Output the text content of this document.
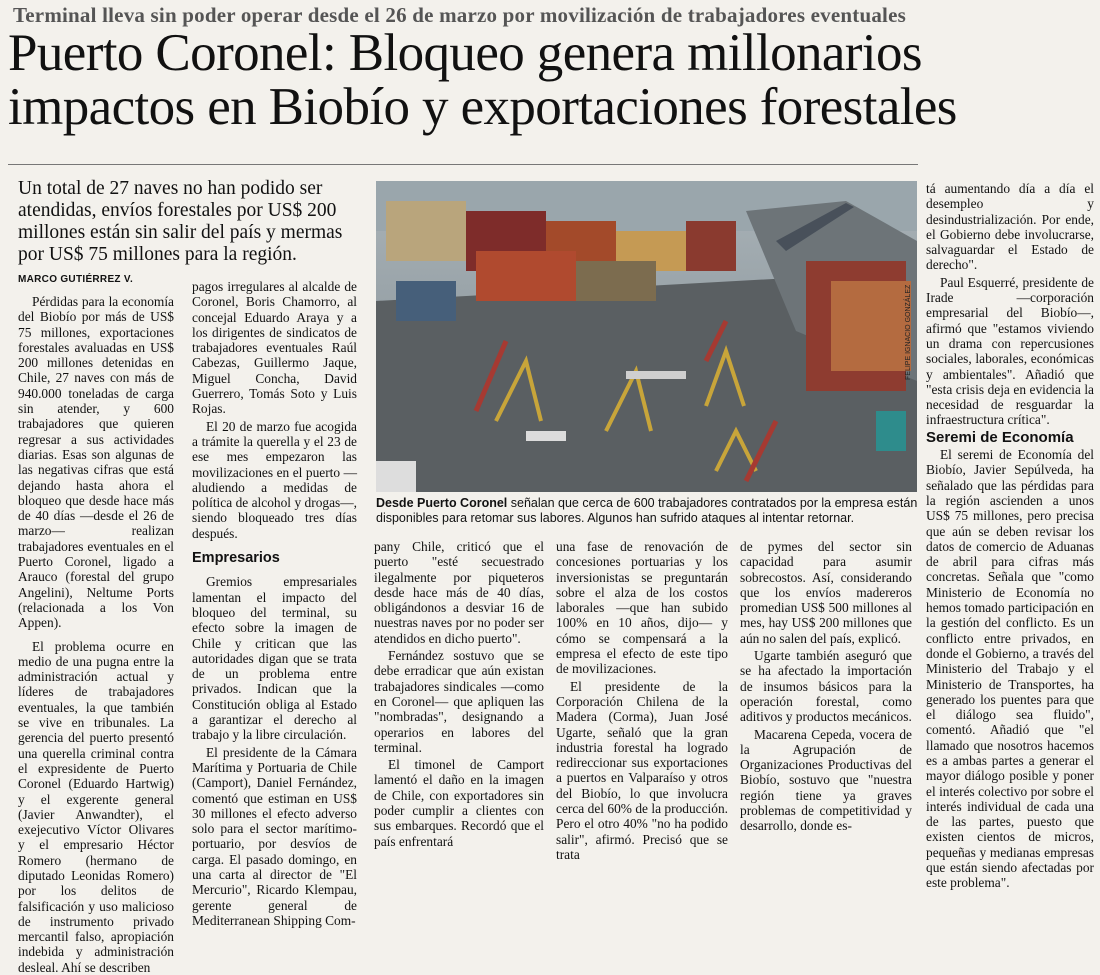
Terminal lleva sin poder operar desde el 26 de marzo por movilización de trabajadores eventuales
Puerto Coronel: Bloqueo genera millonarios
impactos en Biobío y exportaciones forestales
Un total de 27 naves no han podido ser atendidas, envíos forestales por US$ 200 millones están sin salir del país y mermas por US$ 75 millones para la región.
MARCO GUTIÉRREZ V.
FELIPE IGNACIO GONZÁLEZ
Desde Puerto Coronel señalan que cerca de 600 trabajadores contratados por la empresa están disponibles para retomar sus labores. Algunos han sufrido ataques al intentar retornar.

Pérdidas para la economía del Biobío por más de US$ 75 millones, exportaciones forestales avaluadas en US$ 200 millones detenidas en Chile, 27 naves con más de 940.000 toneladas de carga sin atender, y 600 trabajadores que quieren regresar a sus actividades diarias. Esas son algunas de las negativas cifras que está dejando hasta ahora el bloqueo que desde hace más de 40 días —desde el 26 de marzo— realizan trabajadores eventuales en el Puerto Coronel, ligado a Arauco (forestal del grupo Angelini), Neltume Ports (relacionada a los Von Appen).

El problema ocurre en medio de una pugna entre la administración actual y líderes de trabajadores eventuales, la que también se vive en tribunales. La gerencia del puerto presentó una querella criminal contra el expresidente de Puerto Coronel (Eduardo Hartwig) y el exgerente general (Javier Anwandter), el exejecutivo Víctor Olivares y el empresario Héctor Romero (hermano de diputado Leonidas Romero) por los delitos de falsificación y uso malicioso de instrumento privado mercantil falso, apropiación indebida y administración desleal. Ahí se describen

pagos irregulares al alcalde de Coronel, Boris Chamorro, al concejal Eduardo Araya y a los dirigentes de sindicatos de trabajadores eventuales Raúl Cabezas, Guillermo Jaque, Miguel Concha, David Guerrero, Tomás Soto y Luis Rojas.

El 20 de marzo fue acogida a trámite la querella y el 23 de ese mes empezaron las movilizaciones en el puerto —aludiendo a medidas de política de alcohol y drogas—, siendo bloqueado tres días después.

Empresarios

Gremios empresariales lamentan el impacto del bloqueo del terminal, su efecto sobre la imagen de Chile y critican que las autoridades digan que se trata de un problema entre privados. Indican que la Constitución obliga al Estado a garantizar el derecho al trabajo y la libre circulación.

El presidente de la Cámara Marítima y Portuaria de Chile (Camport), Daniel Fernández, comentó que estiman en US$ 30 millones el efecto adverso solo para el sector marítimo-portuario, por desvíos de carga. El pasado domingo, en una carta al director de "El Mercurio", Ricardo Klempau, gerente general de Mediterranean Shipping Com-

pany Chile, criticó que el puerto "esté secuestrado ilegalmente por piqueteros desde hace más de 40 días, obligándonos a desviar 16 de nuestras naves por no poder ser atendidos en dicho puerto".

Fernández sostuvo que se debe erradicar que aún existan trabajadores sindicales —como en Coronel— que apliquen las "nombradas", designando a operarios en labores del terminal.

El timonel de Camport lamentó el daño en la imagen de Chile, con exportadores sin poder cumplir a clientes con sus embarques. Recordó que el país enfrentará

una fase de renovación de concesiones portuarias y los inversionistas se preguntarán sobre el alza de los costos laborales —que han subido 100% en 10 años, dijo— y cómo se compensará a la empresa el efecto de este tipo de movilizaciones.

El presidente de la Corporación Chilena de la Madera (Corma), Juan José Ugarte, señaló que la gran industria forestal ha logrado redireccionar sus exportaciones a puertos en Valparaíso y otros del Biobío, lo que involucra cerca del 60% de la producción. Pero el otro 40% "no ha podido salir", afirmó. Precisó que se trata

de pymes del sector sin capacidad para asumir sobrecostos. Así, considerando que los envíos madereros promedian US$ 500 millones al mes, hay US$ 200 millones que aún no salen del país, explicó.

Ugarte también aseguró que se ha afectado la importación de insumos básicos para la operación forestal, como aditivos y productos mecánicos.

Macarena Cepeda, vocera de la Agrupación de Organizaciones Productivas del Biobío, sostuvo que "nuestra región tiene ya graves problemas de competitividad y desarrollo, donde es-

tá aumentando día a día el desempleo y desindustrialización. Por ende, el Gobierno debe involucrarse, salvaguardar el Estado de derecho".

Paul Esquerré, presidente de Irade —corporación empresarial del Biobío—, afirmó que "estamos viviendo un drama con repercusiones sociales, laborales, económicas y ambientales". Añadió que "esta crisis deja en evidencia la necesidad de resguardar la infraestructura crítica".

Seremi de Economía

El seremi de Economía del Biobío, Javier Sepúlveda, ha señalado que las pérdidas para la región ascienden a unos US$ 75 millones, pero precisa que aún se deben revisar los datos de comercio de Aduanas de abril para cifras más concretas. Señala que "como Ministerio de Economía no hemos tomado participación en la gestión del conflicto. Es un conflicto entre privados, en donde el Gobierno, a través del Ministerio del Trabajo y el Ministerio de Transportes, ha generado los puentes para que el diálogo sea fluido", comentó. Añadió que "el llamado que nosotros hacemos es a ambas partes a generar el mayor diálogo posible y poner el interés colectivo por sobre el interés individual de cada una de las partes, puesto que existen cientos de micros, pequeñas y medianas empresas que están siendo afectadas por este problema".
